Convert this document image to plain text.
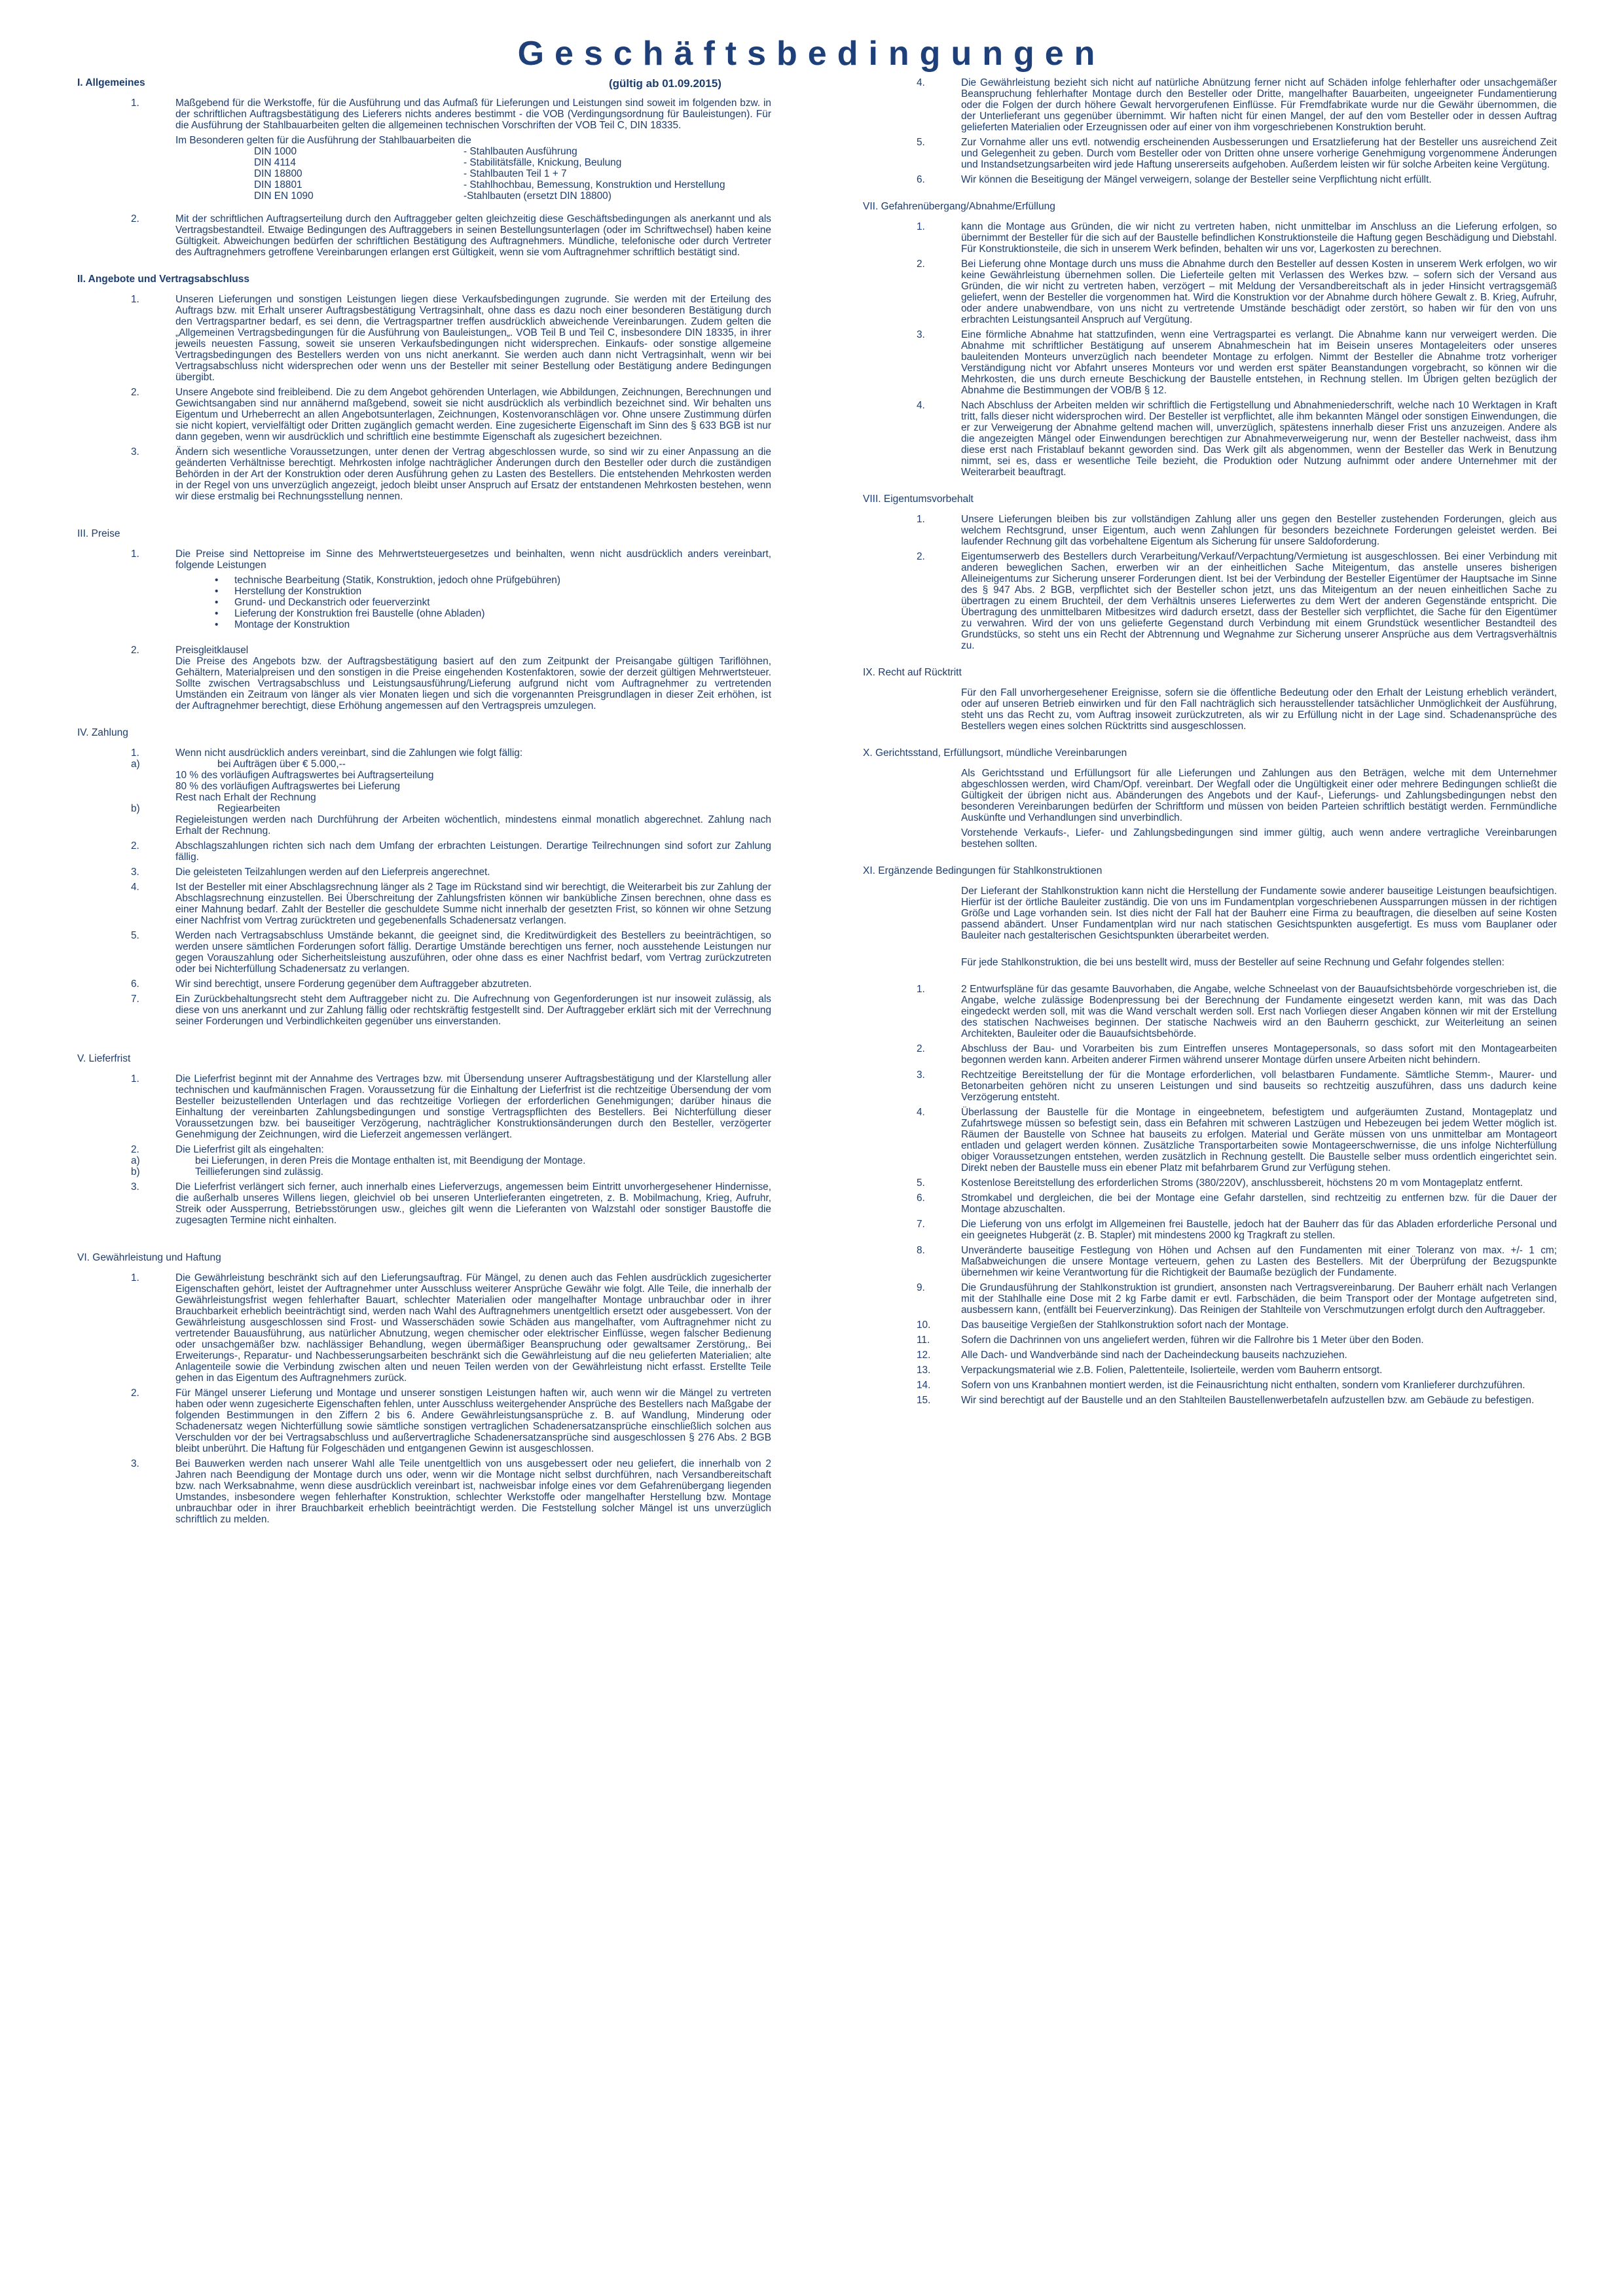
Geschäftsbedingungen
(gültig ab 01.09.2015)
I. Allgemeines
1.	Maßgebend für die Werkstoffe, für die Ausführung und das Aufmaß für Lieferungen und Leistungen sind soweit im folgenden bzw. in der schriftlichen Auftragsbestätigung des Lieferers nichts anderes bestimmt - die VOB (Verdingungsordnung für Bauleistungen). Für die Ausführung der Stahlbauarbeiten gelten die allgemeinen technischen Vorschriften der VOB Teil C, DIN 18335.
Im Besonderen gelten für die Ausführung der Stahlbauarbeiten die
DIN 1000	- Stahlbauten Ausführung
DIN 4114	- Stabilitätsfälle, Knickung, Beulung
DIN 18800	- Stahlbauten Teil 1 + 7
DIN 18801	- Stahlhochbau, Bemessung, Konstruktion und Herstellung
DIN EN 1090	-Stahlbauten (ersetzt DIN 18800)
2.	Mit der schriftlichen Auftragserteilung durch den Auftraggeber gelten gleichzeitig diese Geschäftsbedingungen als anerkannt und als Vertragsbestandteil. Etwaige Bedingungen des Auftraggebers in seinen Bestellungsunterlagen (oder im Schriftwechsel) haben keine Gültigkeit. Abweichungen bedürfen der schriftlichen Bestätigung des Auftragnehmers. Mündliche, telefonische oder durch Vertreter des Auftragnehmers getroffene Vereinbarungen erlangen erst Gültigkeit, wenn sie vom Auftragnehmer schriftlich bestätigt sind.
II. Angebote und Vertragsabschluss
1.	Unseren Lieferungen und sonstigen Leistungen liegen diese Verkaufsbedingungen zugrunde. Sie werden mit der Erteilung des Auftrags bzw. mit Erhalt unserer Auftragsbestätigung Vertragsinhalt, ohne dass es dazu noch einer besonderen Bestätigung durch den Vertragspartner bedarf, es sei denn, die Vertragspartner treffen ausdrücklich abweichende Vereinbarungen. Zudem gelten die „Allgemeinen Vertragsbedingungen für die Ausführung von Bauleistungen„. VOB Teil B und Teil C, insbesondere DIN 18335, in ihrer jeweils neuesten Fassung, soweit sie unseren Verkaufsbedingungen nicht widersprechen. Einkaufs- oder sonstige allgemeine Vertragsbedingungen des Bestellers werden von uns nicht anerkannt. Sie werden auch dann nicht Vertragsinhalt, wenn wir bei Vertragsabschluss nicht widersprechen oder wenn uns der Besteller mit seiner Bestellung oder Bestätigung andere Bedingungen übergibt.
2.	Unsere Angebote sind freibleibend. Die zu dem Angebot gehörenden Unterlagen, wie Abbildungen, Zeichnungen, Berechnungen und Gewichtsangaben sind nur annähernd maßgebend, soweit sie nicht ausdrücklich als verbindlich bezeichnet sind. Wir behalten uns Eigentum und Urheberrecht an allen Angebotsunterlagen, Zeichnungen, Kostenvoranschlägen vor. Ohne unsere Zustimmung dürfen sie nicht kopiert, vervielfältigt oder Dritten zugänglich gemacht werden. Eine zugesicherte Eigenschaft im Sinn des § 633 BGB ist nur dann gegeben, wenn wir ausdrücklich und schriftlich eine bestimmte Eigenschaft als zugesichert bezeichnen.
3.	Ändern sich wesentliche Voraussetzungen, unter denen der Vertrag abgeschlossen wurde, so sind wir zu einer Anpassung an die geänderten Verhältnisse berechtigt. Mehrkosten infolge nachträglicher Änderungen durch den Besteller oder durch die zuständigen Behörden in der Art der Konstruktion oder deren Ausführung gehen zu Lasten des Bestellers. Die entstehenden Mehrkosten werden in der Regel von uns unverzüglich angezeigt, jedoch bleibt unser Anspruch auf Ersatz der entstandenen Mehrkosten bestehen, wenn wir diese erstmalig bei Rechnungsstellung nennen.
III. Preise
1.	Die Preise sind Nettopreise im Sinne des Mehrwertsteuergesetzes und beinhalten, wenn nicht ausdrücklich anders vereinbart, folgende Leistungen
• technische Bearbeitung (Statik, Konstruktion, jedoch ohne Prüfgebühren)
• Herstellung der Konstruktion
• Grund- und Deckanstrich oder feuerverzinkt
• Lieferung der Konstruktion frei Baustelle (ohne Abladen)
• Montage der Konstruktion
2.	Preisgleitklausel
Die Preise des Angebots bzw. der Auftragsbestätigung basiert auf den zum Zeitpunkt der Preisangabe gültigen Tariflöhnen, Gehältern, Materialpreisen und den sonstigen in die Preise eingehenden Kostenfaktoren, sowie der derzeit gültigen Mehrwertsteuer. Sollte zwischen Vertragsabschluss und Leistungsausführung/Lieferung aufgrund nicht vom Auftragnehmer zu vertretenden Umständen ein Zeitraum von länger als vier Monaten liegen und sich die vorgenannten Preisgrundlagen in dieser Zeit erhöhen, ist der Auftragnehmer berechtigt, diese Erhöhung angemessen auf den Vertragspreis umzulegen.
IV. Zahlung
1.	Wenn nicht ausdrücklich anders vereinbart, sind die Zahlungen wie folgt fällig:
a)	bei Aufträgen über € 5.000,--
10 % des vorläufigen Auftragswertes bei Auftragserteilung
80 % des vorläufigen Auftragswertes bei Lieferung
Rest nach Erhalt der Rechnung
b)	Regiearbeiten
Regieleistungen werden nach Durchführung der Arbeiten wöchentlich, mindestens einmal monatlich abgerechnet. Zahlung nach Erhalt der Rechnung.
2.	Abschlagszahlungen richten sich nach dem Umfang der erbrachten Leistungen. Derartige Teilrechnungen sind sofort zur Zahlung fällig.
3.	Die geleisteten Teilzahlungen werden auf den Lieferpreis angerechnet.
4.	Ist der Besteller mit einer Abschlagsrechnung länger als 2 Tage im Rückstand sind wir berechtigt, die Weiterarbeit bis zur Zahlung der Abschlagsrechnung einzustellen. Bei Überschreitung der Zahlungsfristen können wir bankübliche Zinsen berechnen, ohne dass es einer Mahnung bedarf. Zahlt der Besteller die geschuldete Summe nicht innerhalb der gesetzten Frist, so können wir ohne Setzung einer Nachfrist vom Vertrag zurücktreten und gegebenenfalls Schadenersatz verlangen.
5.	Werden nach Vertragsabschluss Umstände bekannt, die geeignet sind, die Kreditwürdigkeit des Bestellers zu beeinträchtigen, so werden unsere sämtlichen Forderungen sofort fällig. Derartige Umstände berechtigen uns ferner, noch ausstehende Leistungen nur gegen Vorauszahlung oder Sicherheitsleistung auszuführen, oder ohne dass es einer Nachfrist bedarf, vom Vertrag zurückzutreten oder bei Nichterfüllung Schadenersatz zu verlangen.
6.	Wir sind berechtigt, unsere Forderung gegenüber dem Auftraggeber abzutreten.
7.	Ein Zurückbehaltungsrecht steht dem Auftraggeber nicht zu. Die Aufrechnung von Gegenforderungen ist nur insoweit zulässig, als diese von uns anerkannt und zur Zahlung fällig oder rechtskräftig festgestellt sind. Der Auftraggeber erklärt sich mit der Verrechnung seiner Forderungen und Verbindlichkeiten gegenüber uns einverstanden.
V. Lieferfrist
1.	Die Lieferfrist beginnt mit der Annahme des Vertrages bzw. mit Übersendung unserer Auftragsbestätigung und der Klarstellung aller technischen und kaufmännischen Fragen. Voraussetzung für die Einhaltung der Lieferfrist ist die rechtzeitige Übersendung der vom Besteller beizustellenden Unterlagen und das rechtzeitige Vorliegen der erforderlichen Genehmigungen; darüber hinaus die Einhaltung der vereinbarten Zahlungsbedingungen und sonstige Vertragspflichten des Bestellers. Bei Nichterfüllung dieser Voraussetzungen bzw. bei bauseitiger Verzögerung, nachträglicher Konstruktionsänderungen durch den Besteller, verzögerter Genehmigung der Zeichnungen, wird die Lieferzeit angemessen verlängert.
2.	Die Lieferfrist gilt als eingehalten:
a)	bei Lieferungen, in deren Preis die Montage enthalten ist, mit Beendigung der Montage.
b)	Teillieferungen sind zulässig.
3.	Die Lieferfrist verlängert sich ferner, auch innerhalb eines Lieferverzugs, angemessen beim Eintritt unvorhergesehener Hindernisse, die außerhalb unseres Willens liegen, gleichviel ob bei unseren Unterlieferanten eingetreten, z. B. Mobilmachung, Krieg, Aufruhr, Streik oder Aussperrung, Betriebsstörungen usw., gleiches gilt wenn die Lieferanten von Walzstahl oder sonstiger Baustoffe die zugesagten Termine nicht einhalten.
VI. Gewährleistung und Haftung
1.	Die Gewährleistung beschränkt sich auf den Lieferungsauftrag. Für Mängel, zu denen auch das Fehlen ausdrücklich zugesicherter Eigenschaften gehört, leistet der Auftragnehmer unter Ausschluss weiterer Ansprüche Gewähr wie folgt. Alle Teile, die innerhalb der Gewährleistungsfrist wegen fehlerhafter Bauart, schlechter Materialien oder mangelhafter Montage unbrauchbar oder in ihrer Brauchbarkeit erheblich beeinträchtigt sind, werden nach Wahl des Auftragnehmers unentgeltlich ersetzt oder ausgebessert. Von der Gewährleistung ausgeschlossen sind Frost- und Wasserschäden sowie Schäden aus mangelhafter, vom Auftragnehmer nicht zu vertretender Bauausführung, aus natürlicher Abnutzung, wegen chemischer oder elektrischer Einflüsse, wegen falscher Bedienung oder unsachgemäßer bzw. nachlässiger Behandlung, wegen übermäßiger Beanspruchung oder gewaltsamer Zerstörung,. Bei Erweiterungs-, Reparatur- und Nachbesserungsarbeiten beschränkt sich die Gewährleistung auf die neu gelieferten Materialien; alte Anlagenteile sowie die Verbindung zwischen alten und neuen Teilen werden von der Gewährleistung nicht erfasst. Erstellte Teile gehen in das Eigentum des Auftragnehmers zurück.
2.	Für Mängel unserer Lieferung und Montage und unserer sonstigen Leistungen haften wir, auch wenn wir die Mängel zu vertreten haben oder wenn zugesicherte Eigenschaften fehlen, unter Ausschluss weitergehender Ansprüche des Bestellers nach Maßgabe der folgenden Bestimmungen in den Ziffern 2 bis 6. Andere Gewährleistungsansprüche z. B. auf Wandlung, Minderung oder Schadenersatz wegen Nichterfüllung sowie sämtliche sonstigen vertraglichen Schadenersatzansprüche einschließlich solchen aus Verschulden vor der bei Vertragsabschluss und außervertragliche Schadenersatzansprüche sind ausgeschlossen § 276 Abs. 2 BGB bleibt unberührt. Die Haftung für Folgeschäden und entgangenen Gewinn ist ausgeschlossen.
3.	Bei Bauwerken werden nach unserer Wahl alle Teile unentgeltlich von uns ausgebessert oder neu geliefert, die innerhalb von 2 Jahren nach Beendigung der Montage durch uns oder, wenn wir die Montage nicht selbst durchführen, nach Versandbereitschaft bzw. nach Werksabnahme, wenn diese ausdrücklich vereinbart ist, nachweisbar infolge eines vor dem Gefahrenübergang liegenden Umstandes, insbesondere wegen fehlerhafter Konstruktion, schlechter Werkstoffe oder mangelhafter Herstellung bzw. Montage unbrauchbar oder in ihrer Brauchbarkeit erheblich beeinträchtigt werden. Die Feststellung solcher Mängel ist uns unverzüglich schriftlich zu melden.
4.	Die Gewährleistung bezieht sich nicht auf natürliche Abnützung ferner nicht auf Schäden infolge fehlerhafter oder unsachgemäßer Beanspruchung fehlerhafter Montage durch den Besteller oder Dritte, mangelhafter Bauarbeiten, ungeeigneter Fundamentierung oder die Folgen der durch höhere Gewalt hervorgerufenen Einflüsse. Für Fremdfabrikate wurde nur die Gewähr übernommen, die der Unterlieferant uns gegenüber übernimmt. Wir haften nicht für einen Mangel, der auf den vom Besteller oder in dessen Auftrag gelieferten Materialien oder Erzeugnissen oder auf einer von ihm vorgeschriebenen Konstruktion beruht.
5.	Zur Vornahme aller uns evtl. notwendig erscheinenden Ausbesserungen und Ersatzlieferung hat der Besteller uns ausreichend Zeit und Gelegenheit zu geben. Durch vom Besteller oder von Dritten ohne unsere vorherige Genehmigung vorgenommene Änderungen und Instandsetzungsarbeiten wird jede Haftung unsererseits aufgehoben. Außerdem leisten wir für solche Arbeiten keine Vergütung.
6.	Wir können die Beseitigung der Mängel verweigern, solange der Besteller seine Verpflichtung nicht erfüllt.
VII. Gefahrenübergang/Abnahme/Erfüllung
1.	kann die Montage aus Gründen, die wir nicht zu vertreten haben, nicht unmittelbar im Anschluss an die Lieferung erfolgen, so übernimmt der Besteller für die sich auf der Baustelle befindlichen Konstruktionsteile die Haftung gegen Beschädigung und Diebstahl. Für Konstruktionsteile, die sich in unserem Werk befinden, behalten wir uns vor, Lagerkosten zu berechnen.
2.	Bei Lieferung ohne Montage durch uns muss die Abnahme durch den Besteller auf dessen Kosten in unserem Werk erfolgen, wo wir keine Gewährleistung übernehmen sollen. Die Lieferteile gelten mit Verlassen des Werkes bzw. – sofern sich der Versand aus Gründen, die wir nicht zu vertreten haben, verzögert – mit Meldung der Versandbereitschaft als in jeder Hinsicht vertragsgemäß geliefert, wenn der Besteller die vorgenommen hat. Wird die Konstruktion vor der Abnahme durch höhere Gewalt z. B. Krieg, Aufruhr, oder andere unabwendbare, von uns nicht zu vertretende Umstände beschädigt oder zerstört, so haben wir für den von uns erbrachten Leistungsanteil Anspruch auf Vergütung.
3.	Eine förmliche Abnahme hat stattzufinden, wenn eine Vertragspartei es verlangt. Die Abnahme kann nur verweigert werden. Die Abnahme mit schriftlicher Bestätigung auf unserem Abnahmeschein hat im Beisein unseres Montageleiters oder unseres bauleitenden Monteurs unverzüglich nach beendeter Montage zu erfolgen. Nimmt der Besteller die Abnahme trotz vorheriger Verständigung nicht vor Abfahrt unseres Monteurs vor und werden erst später Beanstandungen vorgebracht, so können wir die Mehrkosten, die uns durch erneute Beschickung der Baustelle entstehen, in Rechnung stellen. Im Übrigen gelten bezüglich der Abnahme die Bestimmungen der VOB/B § 12.
4.	Nach Abschluss der Arbeiten melden wir schriftlich die Fertigstellung und Abnahmeniederschrift, welche nach 10 Werktagen in Kraft tritt, falls dieser nicht widersprochen wird. Der Besteller ist verpflichtet, alle ihm bekannten Mängel oder sonstigen Einwendungen, die er zur Verweigerung der Abnahme geltend machen will, unverzüglich, spätestens innerhalb dieser Frist uns anzuzeigen. Andere als die angezeigten Mängel oder Einwendungen berechtigen zur Abnahmeverweigerung nur, wenn der Besteller nachweist, dass ihm diese erst nach Fristablauf bekannt geworden sind. Das Werk gilt als abgenommen, wenn der Besteller das Werk in Benutzung nimmt, sei es, dass er wesentliche Teile bezieht, die Produktion oder Nutzung aufnimmt oder andere Unternehmer mit der Weiterarbeit beauftragt.
VIII. Eigentumsvorbehalt
1.	Unsere Lieferungen bleiben bis zur vollständigen Zahlung aller uns gegen den Besteller zustehenden Forderungen, gleich aus welchem Rechtsgrund, unser Eigentum, auch wenn Zahlungen für besonders bezeichnete Forderungen geleistet werden. Bei laufender Rechnung gilt das vorbehaltene Eigentum als Sicherung für unsere Saldoforderung.
2.	Eigentumserwerb des Bestellers durch Verarbeitung/Verkauf/Verpachtung/Vermietung ist ausgeschlossen. Bei einer Verbindung mit anderen beweglichen Sachen, erwerben wir an der einheitlichen Sache Miteigentum, das anstelle unseres bisherigen Alleineigentums zur Sicherung unserer Forderungen dient. Ist bei der Verbindung der Besteller Eigentümer der Hauptsache im Sinne des § 947 Abs. 2 BGB, verpflichtet sich der Besteller schon jetzt, uns das Miteigentum an der neuen einheitlichen Sache zu übertragen zu einem Bruchteil, der dem Verhältnis unseres Lieferwertes zu dem Wert der anderen Gegenstände entspricht. Die Übertragung des unmittelbaren Mitbesitzes wird dadurch ersetzt, dass der Besteller sich verpflichtet, die Sache für den Eigentümer zu verwahren. Wird der von uns gelieferte Gegenstand durch Verbindung mit einem Grundstück wesentlicher Bestandteil des Grundstücks, so steht uns ein Recht der Abtrennung und Wegnahme zur Sicherung unserer Ansprüche aus dem Vertragsverhältnis zu.
IX. Recht auf Rücktritt
Für den Fall unvorhergesehener Ereignisse, sofern sie die öffentliche Bedeutung oder den Erhalt der Leistung erheblich verändert, oder auf unseren Betrieb einwirken und für den Fall nachträglich sich herausstellender tatsächlicher Unmöglichkeit der Ausführung, steht uns das Recht zu, vom Auftrag insoweit zurückzutreten, als wir zu Erfüllung nicht in der Lage sind. Schadenansprüche des Bestellers wegen eines solchen Rücktritts sind ausgeschlossen.
X. Gerichtsstand, Erfüllungsort, mündliche Vereinbarungen
Als Gerichtsstand und Erfüllungsort für alle Lieferungen und Zahlungen aus den Beträgen, welche mit dem Unternehmer abgeschlossen werden, wird Cham/Opf. vereinbart. Der Wegfall oder die Ungültigkeit einer oder mehrere Bedingungen schließt die Gültigkeit der übrigen nicht aus. Abänderungen des Angebots und der Kauf-, Lieferungs- und Zahlungsbedingungen nebst den besonderen Vereinbarungen bedürfen der Schriftform und müssen von beiden Parteien schriftlich bestätigt werden. Fernmündliche Auskünfte und Verhandlungen sind unverbindlich.
Vorstehende Verkaufs-, Liefer- und Zahlungsbedingungen sind immer gültig, auch wenn andere vertragliche Vereinbarungen bestehen sollten.
XI. Ergänzende Bedingungen für Stahlkonstruktionen
Der Lieferant der Stahlkonstruktion kann nicht die Herstellung der Fundamente sowie anderer bauseitige Leistungen beaufsichtigen. Hierfür ist der örtliche Bauleiter zuständig. Die von uns im Fundamentplan vorgeschriebenen Aussparrungen müssen in der richtigen Größe und Lage vorhanden sein. Ist dies nicht der Fall hat der Bauherr eine Firma zu beauftragen, die dieselben auf seine Kosten passend abändert. Unser Fundamentplan wird nur nach statischen Gesichtspunkten ausgefertigt. Es muss vom Bauplaner oder Bauleiter nach gestalterischen Gesichtspunkten überarbeitet werden.
Für jede Stahlkonstruktion, die bei uns bestellt wird, muss der Besteller auf seine Rechnung und Gefahr folgendes stellen:
1.	2 Entwurfspläne für das gesamte Bauvorhaben, die Angabe, welche Schneelast von der Bauaufsichtsbehörde vorgeschrieben ist, die Angabe, welche zulässige Bodenpressung bei der Berechnung der Fundamente eingesetzt werden kann, mit was das Dach eingedeckt werden soll, mit was die Wand verschalt werden soll. Erst nach Vorliegen dieser Angaben können wir mit der Erstellung des statischen Nachweises beginnen. Der statische Nachweis wird an den Bauherrn geschickt, zur Weiterleitung an seinen Architekten, Bauleiter oder die Bauaufsichtsbehörde.
2.	Abschluss der Bau- und Vorarbeiten bis zum Eintreffen unseres Montagepersonals, so dass sofort mit den Montagearbeiten begonnen werden kann. Arbeiten anderer Firmen während unserer Montage dürfen unsere Arbeiten nicht behindern.
3.	Rechtzeitige Bereitstellung der für die Montage erforderlichen, voll belastbaren Fundamente. Sämtliche Stemm-, Maurer- und Betonarbeiten gehören nicht zu unseren Leistungen und sind bauseits so rechtzeitig auszuführen, dass uns dadurch keine Verzögerung entsteht.
4.	Überlassung der Baustelle für die Montage in eingeebnetem, befestigtem und aufgeräumten Zustand, Montageplatz und Zufahrtswege müssen so befestigt sein, dass ein Befahren mit schweren Lastzügen und Hebezeugen bei jedem Wetter möglich ist. Räumen der Baustelle von Schnee hat bauseits zu erfolgen. Material und Geräte müssen von uns unmittelbar am Montageort entladen und gelagert werden können. Zusätzliche Transportarbeiten sowie Montageerschwernisse, die uns infolge Nichterfüllung obiger Voraussetzungen entstehen, werden zusätzlich in Rechnung gestellt. Die Baustelle selber muss ordentlich eingerichtet sein. Direkt neben der Baustelle muss ein ebener Platz mit befahrbarem Grund zur Verfügung stehen.
5.	Kostenlose Bereitstellung des erforderlichen Stroms (380/220V), anschlussbereit, höchstens 20 m vom Montageplatz entfernt.
6.	Stromkabel und dergleichen, die bei der Montage eine Gefahr darstellen, sind rechtzeitig zu entfernen bzw. für die Dauer der Montage abzuschalten.
7.	Die Lieferung von uns erfolgt im Allgemeinen frei Baustelle, jedoch hat der Bauherr das für das Abladen erforderliche Personal und ein geeignetes Hubgerät (z. B. Stapler) mit mindestens 2000 kg Tragkraft zu stellen.
8.	Unveränderte bauseitige Festlegung von Höhen und Achsen auf den Fundamenten mit einer Toleranz von max. +/- 1 cm; Maßabweichungen die unsere Montage verteuern, gehen zu Lasten des Bestellers. Mit der Überprüfung der Bezugspunkte übernehmen wir keine Verantwortung für die Richtigkeit der Baumaße bezüglich der Fundamente.
9.	Die Grundausführung der Stahlkonstruktion ist grundiert, ansonsten nach Vertragsvereinbarung. Der Bauherr erhält nach Verlangen mit der Stahlhalle eine Dose mit 2 kg Farbe damit er evtl. Farbschäden, die beim Transport oder der Montage aufgetreten sind, ausbessern kann, (entfällt bei Feuerverzinkung). Das Reinigen der Stahlteile von Verschmutzungen erfolgt durch den Auftraggeber.
10.	Das bauseitige Vergießen der Stahlkonstruktion sofort nach der Montage.
11.	Sofern die Dachrinnen von uns angeliefert werden, führen wir die Fallrohre bis 1 Meter über den Boden.
12.	Alle Dach- und Wandverbände sind nach der Dacheindeckung bauseits nachzuziehen.
13.	Verpackungsmaterial wie z.B. Folien, Palettenteile, Isolierteile, werden vom Bauherrn entsorgt.
14.	Sofern von uns Kranbahnen montiert werden, ist die Feinausrichtung nicht enthalten, sondern vom Kranlieferer durchzuführen.
15.	Wir sind berechtigt auf der Baustelle und an den Stahlteilen Baustellenwerbetafeln aufzustellen bzw. am Gebäude zu befestigen.
